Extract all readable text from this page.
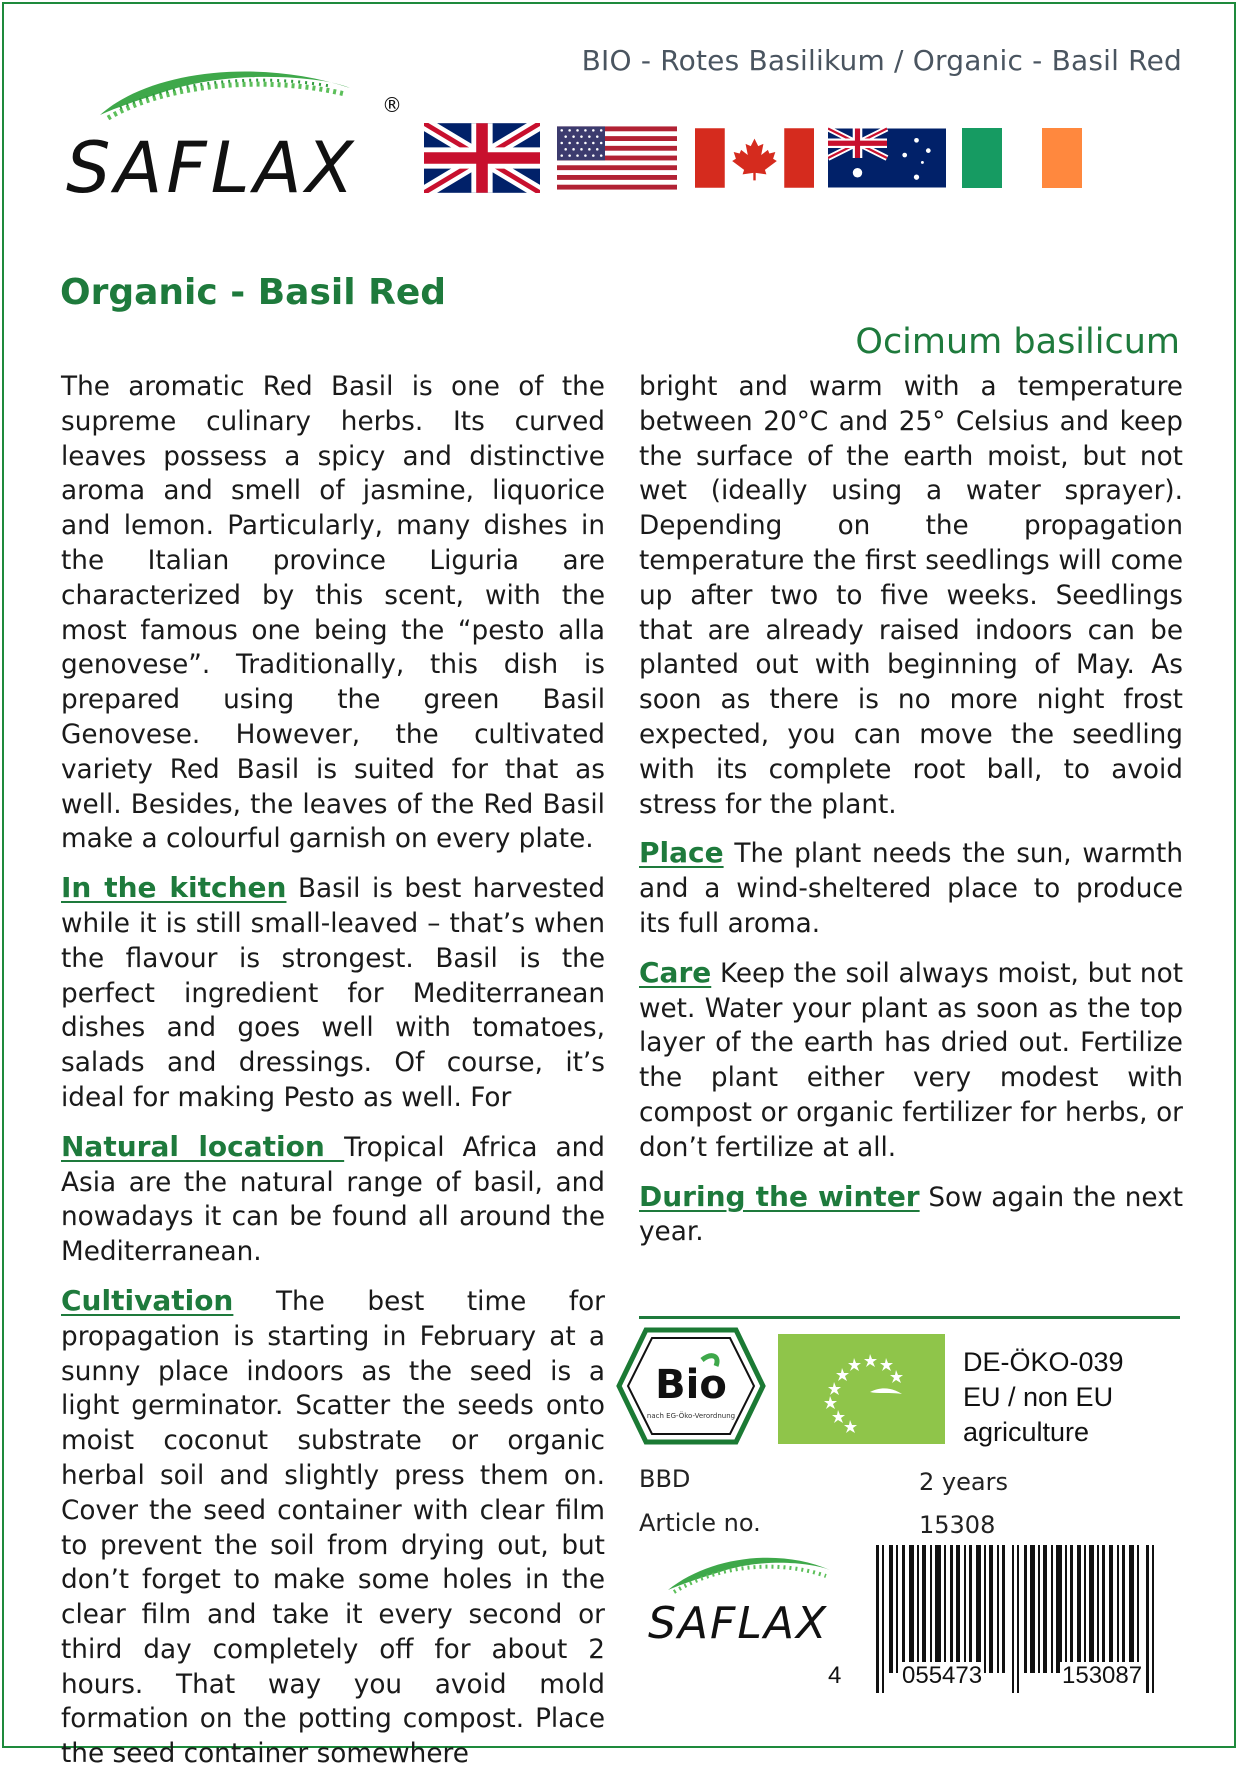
BIO - Rotes Basilikum / Organic - Basil Red
SAFLAX
®
Organic - Basil Red
Ocimum basilicum

The aromatic Red Basil is one of the supreme culinary herbs. Its curved leaves possess a spicy and distinctive aroma and smell of jasmine, liquorice and lemon. Particularly, many dishes in the Italian province Liguria are characterized by this scent, with the most famous one being the “pesto alla genovese”. Traditionally, this dish is prepared using the green Basil Genovese. However, the cultivated variety Red Basil is suited for that as well. Besides, the leaves of the Red Basil make a colourful garnish on every plate.

In the kitchen Basil is best harvested while it is still small-leaved – that’s when the flavour is strongest. Basil is the perfect ingredient for Mediterranean dishes and goes well with tomatoes, salads and dressings. Of course, it’s ideal for making Pesto as well. For

Natural location Tropical Africa and Asia are the natural range of basil, and nowadays it can be found all around the Mediterranean.

Cultivation The best time for propagation is starting in February at a sunny place indoors as the seed is a light germinator. Scatter the seeds onto moist coconut substrate or organic herbal soil and slightly press them on. Cover the seed container with clear film to prevent the soil from drying out, but don’t forget to make some holes in the clear film and take it every second or third day completely off for about 2 hours. That way you avoid mold formation on the potting compost. Place the seed container somewhere

bright and warm with a temperature between 20°C and 25° Celsius and keep the surface of the earth moist, but not wet (ideally using a water sprayer). Depending on the propagation temperature the first seedlings will come up after two to five weeks. Seedlings that are already raised indoors can be planted out with beginning of May. As soon as there is no more night frost expected, you can move the seedling with its complete root ball, to avoid stress for the plant.

Place The plant needs the sun, warmth and a wind-sheltered place to produce its full aroma.

Care Keep the soil always moist, but not wet. Water your plant as soon as the top layer of the earth has dried out. Fertilize the plant either very modest with compost or organic fertilizer for herbs, or don’t fertilize at all.

During the winter Sow again the next year.

Bio
nach EG-Öko-Verordnung
DE-ÖKO-039
EU / non EU
agriculture
BBD	2 years
Article no.	15308
SAFLAX
4	055473	153087
